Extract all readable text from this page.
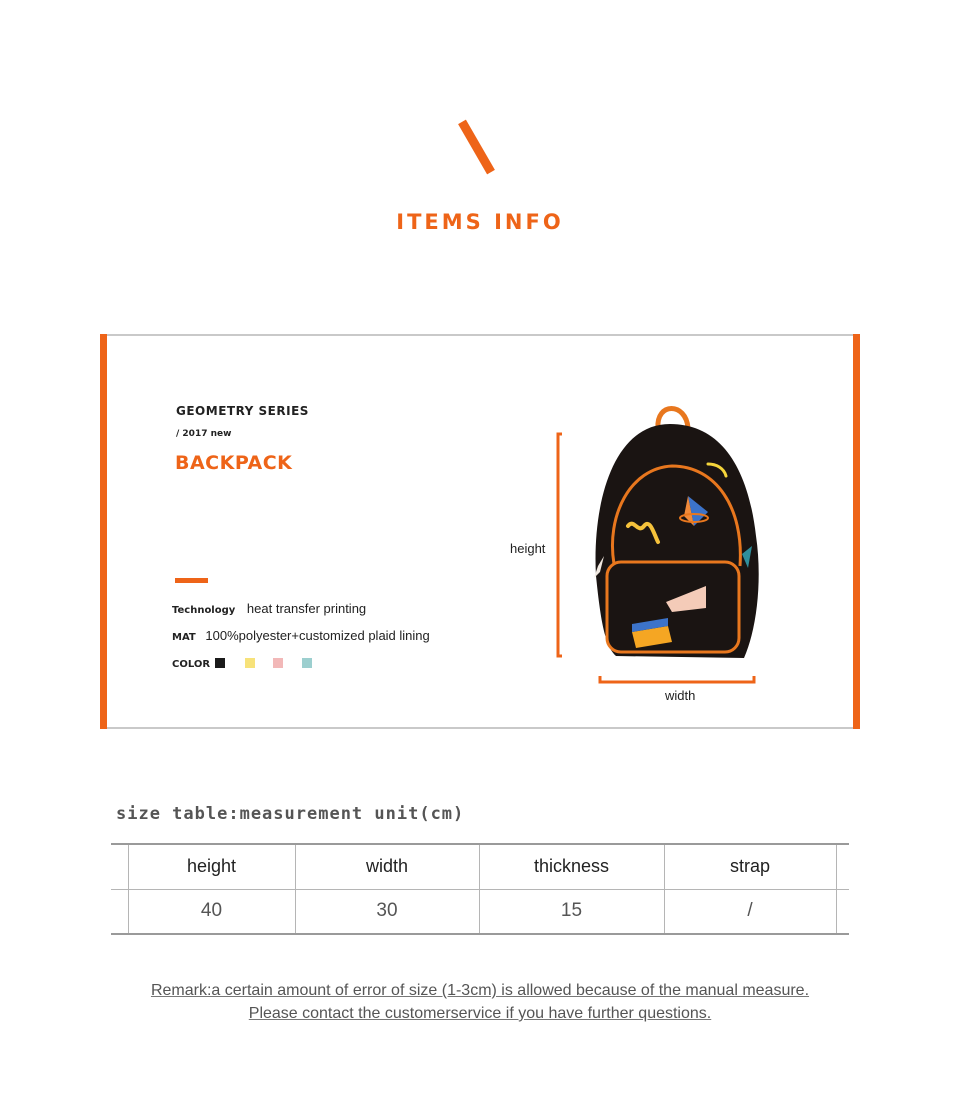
ITEMS INFO
GEOMETRY SERIES
/ 2017 new
BACKPACK
Technology heat transfer printing
MAT 100%polyester+customized plaid lining
COLOR
height
width
size table:measurement unit(cm)
	height	width	thickness	strap	
	40	30	15	/	
Remark:a certain amount of error of size (1-3cm) is allowed because of the manual measure.
Please contact the customerservice if you have further questions.
